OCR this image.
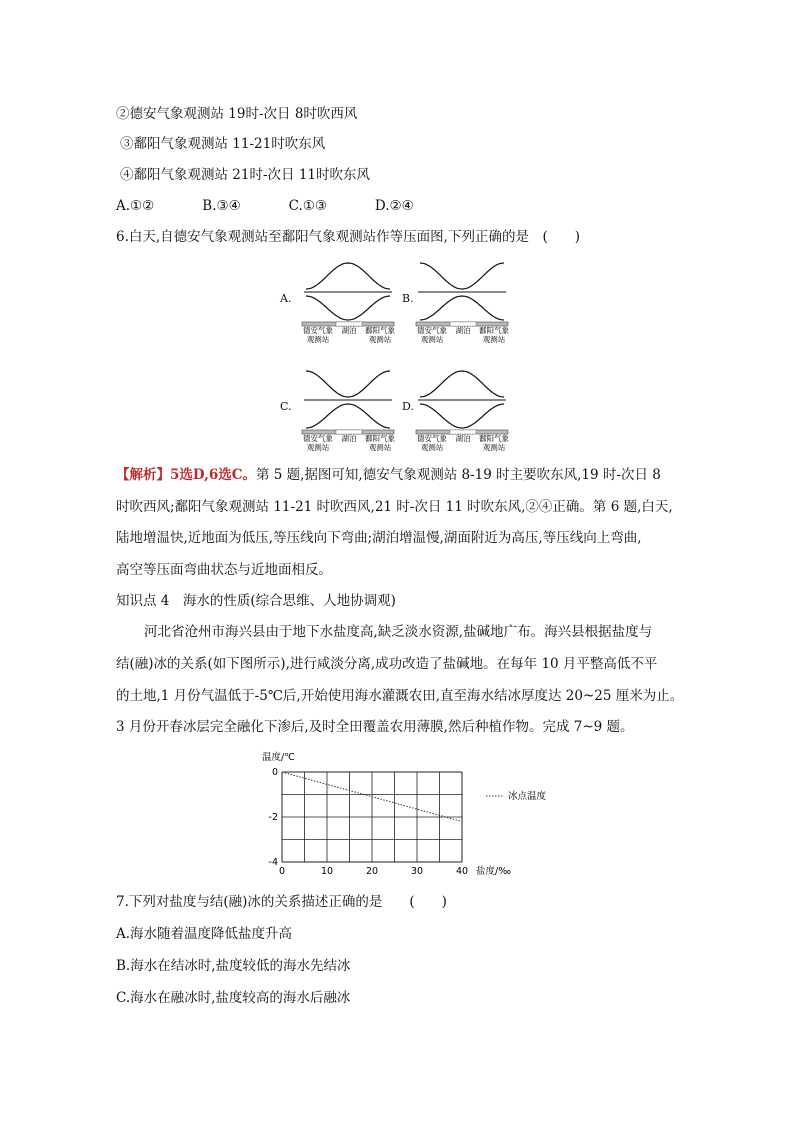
②德安气象观测站 19时-次日 8时吹西风
③鄱阳气象观测站 11-21时吹东风
④鄱阳气象观测站 21时-次日 11时吹东风
A.①②	B.③④	C.①③	D.②④
6.白天,自德安气象观测站至鄱阳气象观测站作等压面图,下列正确的是　(　　)
A.
德安气象
观测站
湖泊 鄱阳气象
观测站
B.
德安气象
观测站
湖泊 鄱阳气象
观测站
C.
德安气象
观测站
湖泊 鄱阳气象
观测站
D.
德安气象
观测站
湖泊 鄱阳气象
观测站
【解析】5选D,6选C。第 5 题,据图可知,德安气象观测站 8-19 时主要吹东风,19 时-次日 8
时吹西风;鄱阳气象观测站 11-21 时吹西风,21 时-次日 11 时吹东风,②④正确。第 6 题,白天,
陆地增温快,近地面为低压,等压线向下弯曲;湖泊增温慢,湖面附近为高压,等压线向上弯曲,
高空等压面弯曲状态与近地面相反。
知识点 4　海水的性质(综合思维、人地协调观)
河北省沧州市海兴县由于地下水盐度高,缺乏淡水资源,盐碱地广布。海兴县根据盐度与
结(融)冰的关系(如下图所示),进行咸淡分离,成功改造了盐碱地。在每年 10 月平整高低不平
的土地,1 月份气温低于-5℃后,开始使用海水灌溉农田,直至海水结冰厚度达 20~25 厘米为止。
3 月份开春冰层完全融化下渗后,及时全田覆盖农用薄膜,然后种植作物。完成 7~9 题。
冰点温度
0	10	20	30	40
0
-2
-4
温度/℃
盐度/‰
7.下列对盐度与结(融)冰的关系描述正确的是　　(　　)
A.海水随着温度降低盐度升高
B.海水在结冰时,盐度较低的海水先结冰
C.海水在融冰时,盐度较高的海水后融冰
